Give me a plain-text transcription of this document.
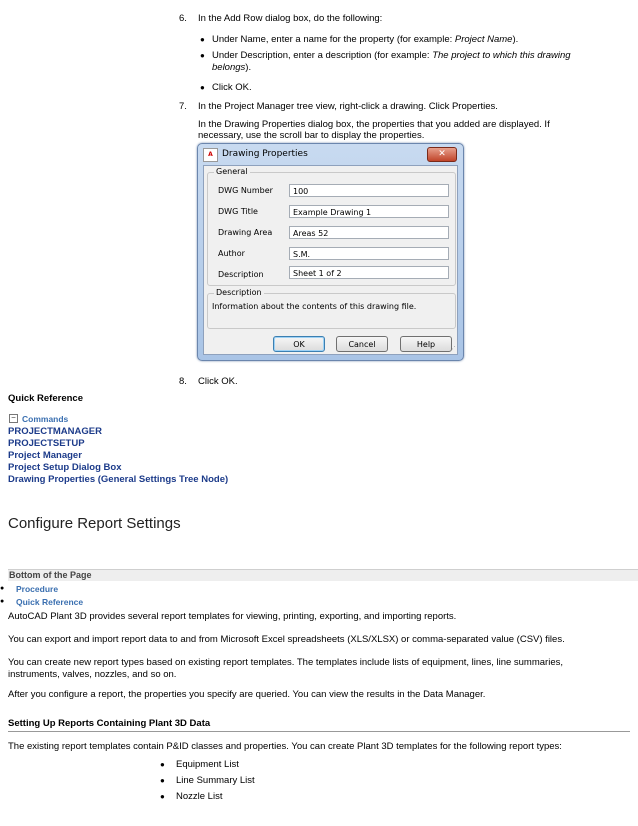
6. In the Add Row dialog box, do the following:
● Under Name, enter a name for the property (for example: Project Name).
● Under Description, enter a description (for example: The project to which this drawing
belongs).
● Click OK.
7. In the Project Manager tree view, right-click a drawing. Click Properties.
In the Drawing Properties dialog box, the properties that you added are displayed. If
necessary, use the scroll bar to display the properties.
A	Drawing Properties	✕
General
DWG Number	100
DWG Title	Example Drawing 1
Drawing Area	Areas 52
Author	S.M.
Description	Sheet 1 of 2
Description
Information about the contents of this drawing file.
OK	Cancel	Help	⋰
8. Click OK.
Quick Reference
− Commands
PROJECTMANAGER
PROJECTSETUP
Project Manager
Project Setup Dialog Box
Drawing Properties (General Settings Tree Node)
Configure Report Settings
Bottom of the Page
● Procedure
● Quick Reference
AutoCAD Plant 3D provides several report templates for viewing, printing, exporting, and importing reports.
You can export and import report data to and from Microsoft Excel spreadsheets (XLS/XLSX) or comma-separated value (CSV) files.
You can create new report types based on existing report templates. The templates include lists of equipment, lines, line summaries,
instruments, valves, nozzles, and so on.
After you configure a report, the properties you specify are queried. You can view the results in the Data Manager.
Setting Up Reports Containing Plant 3D Data
The existing report templates contain P&ID classes and properties. You can create Plant 3D templates for the following report types:
● Equipment List
● Line Summary List
● Nozzle List
